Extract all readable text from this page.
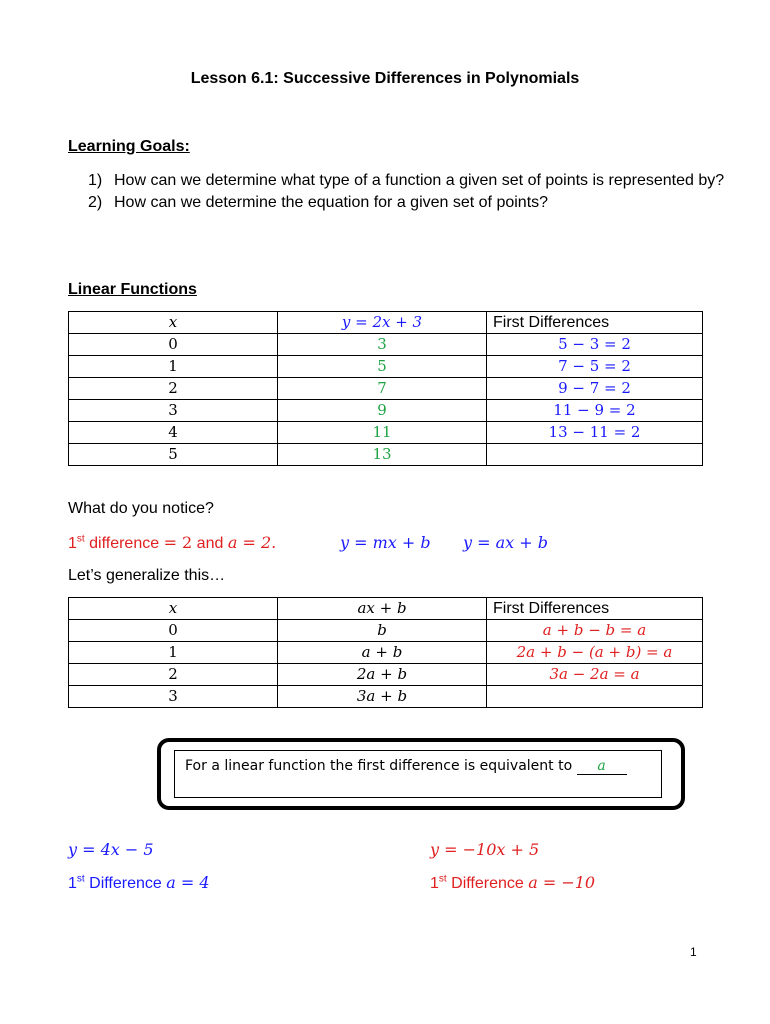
Lesson 6.1: Successive Differences in Polynomials
Learning Goals:
1) How can we determine what type of a function a given set of points is represented by?
2) How can we determine the equation for a given set of points?
Linear Functions
x	y = 2x + 3	First Differences
0	3	5 − 3 = 2
1	5	7 − 5 = 2
2	7	9 − 7 = 2
3	9	11 − 9 = 2
4	11	13 − 11 = 2
5	13	
What do you notice?
1st difference = 2 and a = 2.	y = mx + b y = ax + b
Let’s generalize this…
x	ax + b	First Differences
0	b	a + b − b = a
1	a + b	2a + b − (a + b) = a
2	2a + b	3a − 2a = a
3	3a + b	
For a linear function the first difference is equivalent to a
y = 4x − 5
1st Difference a = 4
y = −10x + 5
1st Difference a = −10
1
